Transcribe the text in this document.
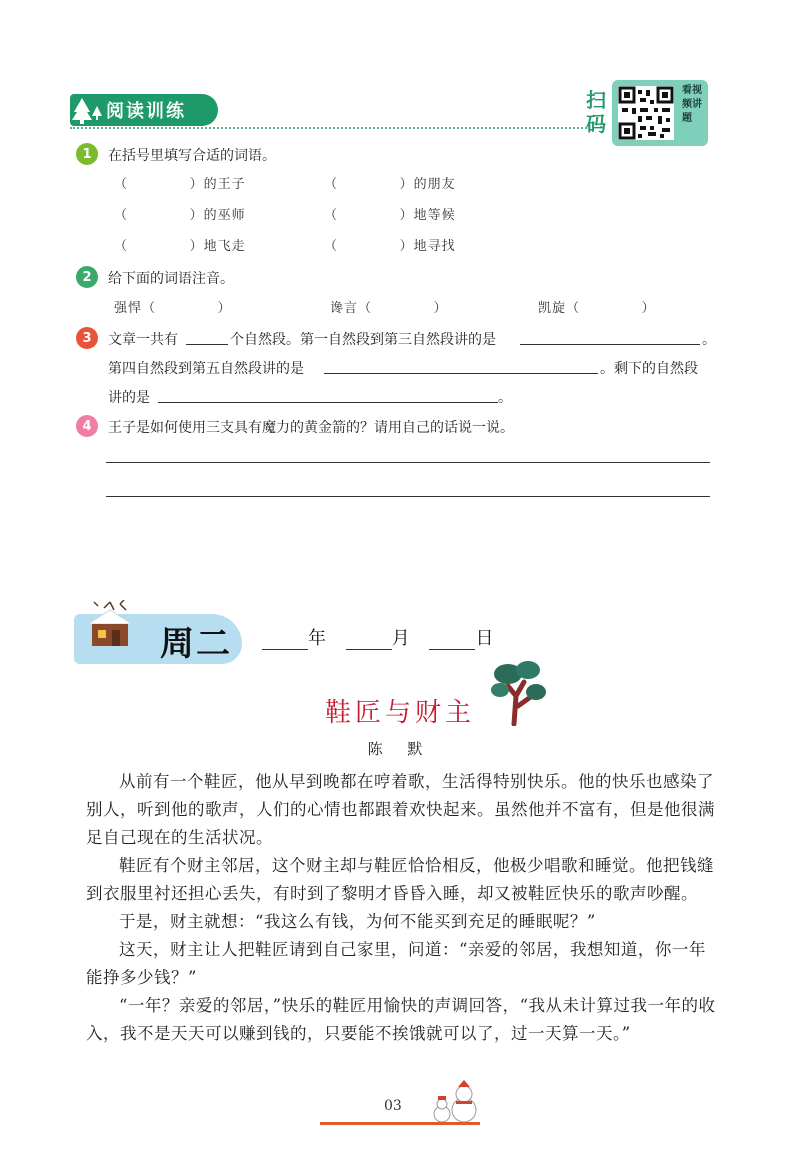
阅读训练	扫码
看视频讲题
1	在括号里填写合适的词语。
（            ）的王子	（            ）的朋友
（            ）的巫师	（            ）地等候
（            ）地飞走	（            ）地寻找
2	给下面的词语注音。
强悍（            ）	谗言（            ）	凯旋（            ）
3	文章一共有	个自然段。第一自然段到第三自然段讲的是	。
第四自然段到第五自然段讲的是	。剩下的自然段
讲的是	。
4	王子是如何使用三支具有魔力的黄金箭的？请用自己的话说一说。
周二	年	月	日
鞋匠与财主
陈 默
从前有一个鞋匠，他从早到晚都在哼着歌，生活得特别快乐。他的快乐也感染了别人，听到他的歌声，人们的心情也都跟着欢快起来。虽然他并不富有，但是他很满足自己现在的生活状况。
鞋匠有个财主邻居，这个财主却与鞋匠恰恰相反，他极少唱歌和睡觉。他把钱缝到衣服里衬还担心丢失，有时到了黎明才昏昏入睡，却又被鞋匠快乐的歌声吵醒。
于是，财主就想：“我这么有钱，为何不能买到充足的睡眠呢？”
这天，财主让人把鞋匠请到自己家里，问道：“亲爱的邻居，我想知道，你一年能挣多少钱？”
“一年？亲爱的邻居，”快乐的鞋匠用愉快的声调回答，“我从未计算过我一年的收入，我不是天天可以赚到钱的，只要能不挨饿就可以了，过一天算一天。”
03
